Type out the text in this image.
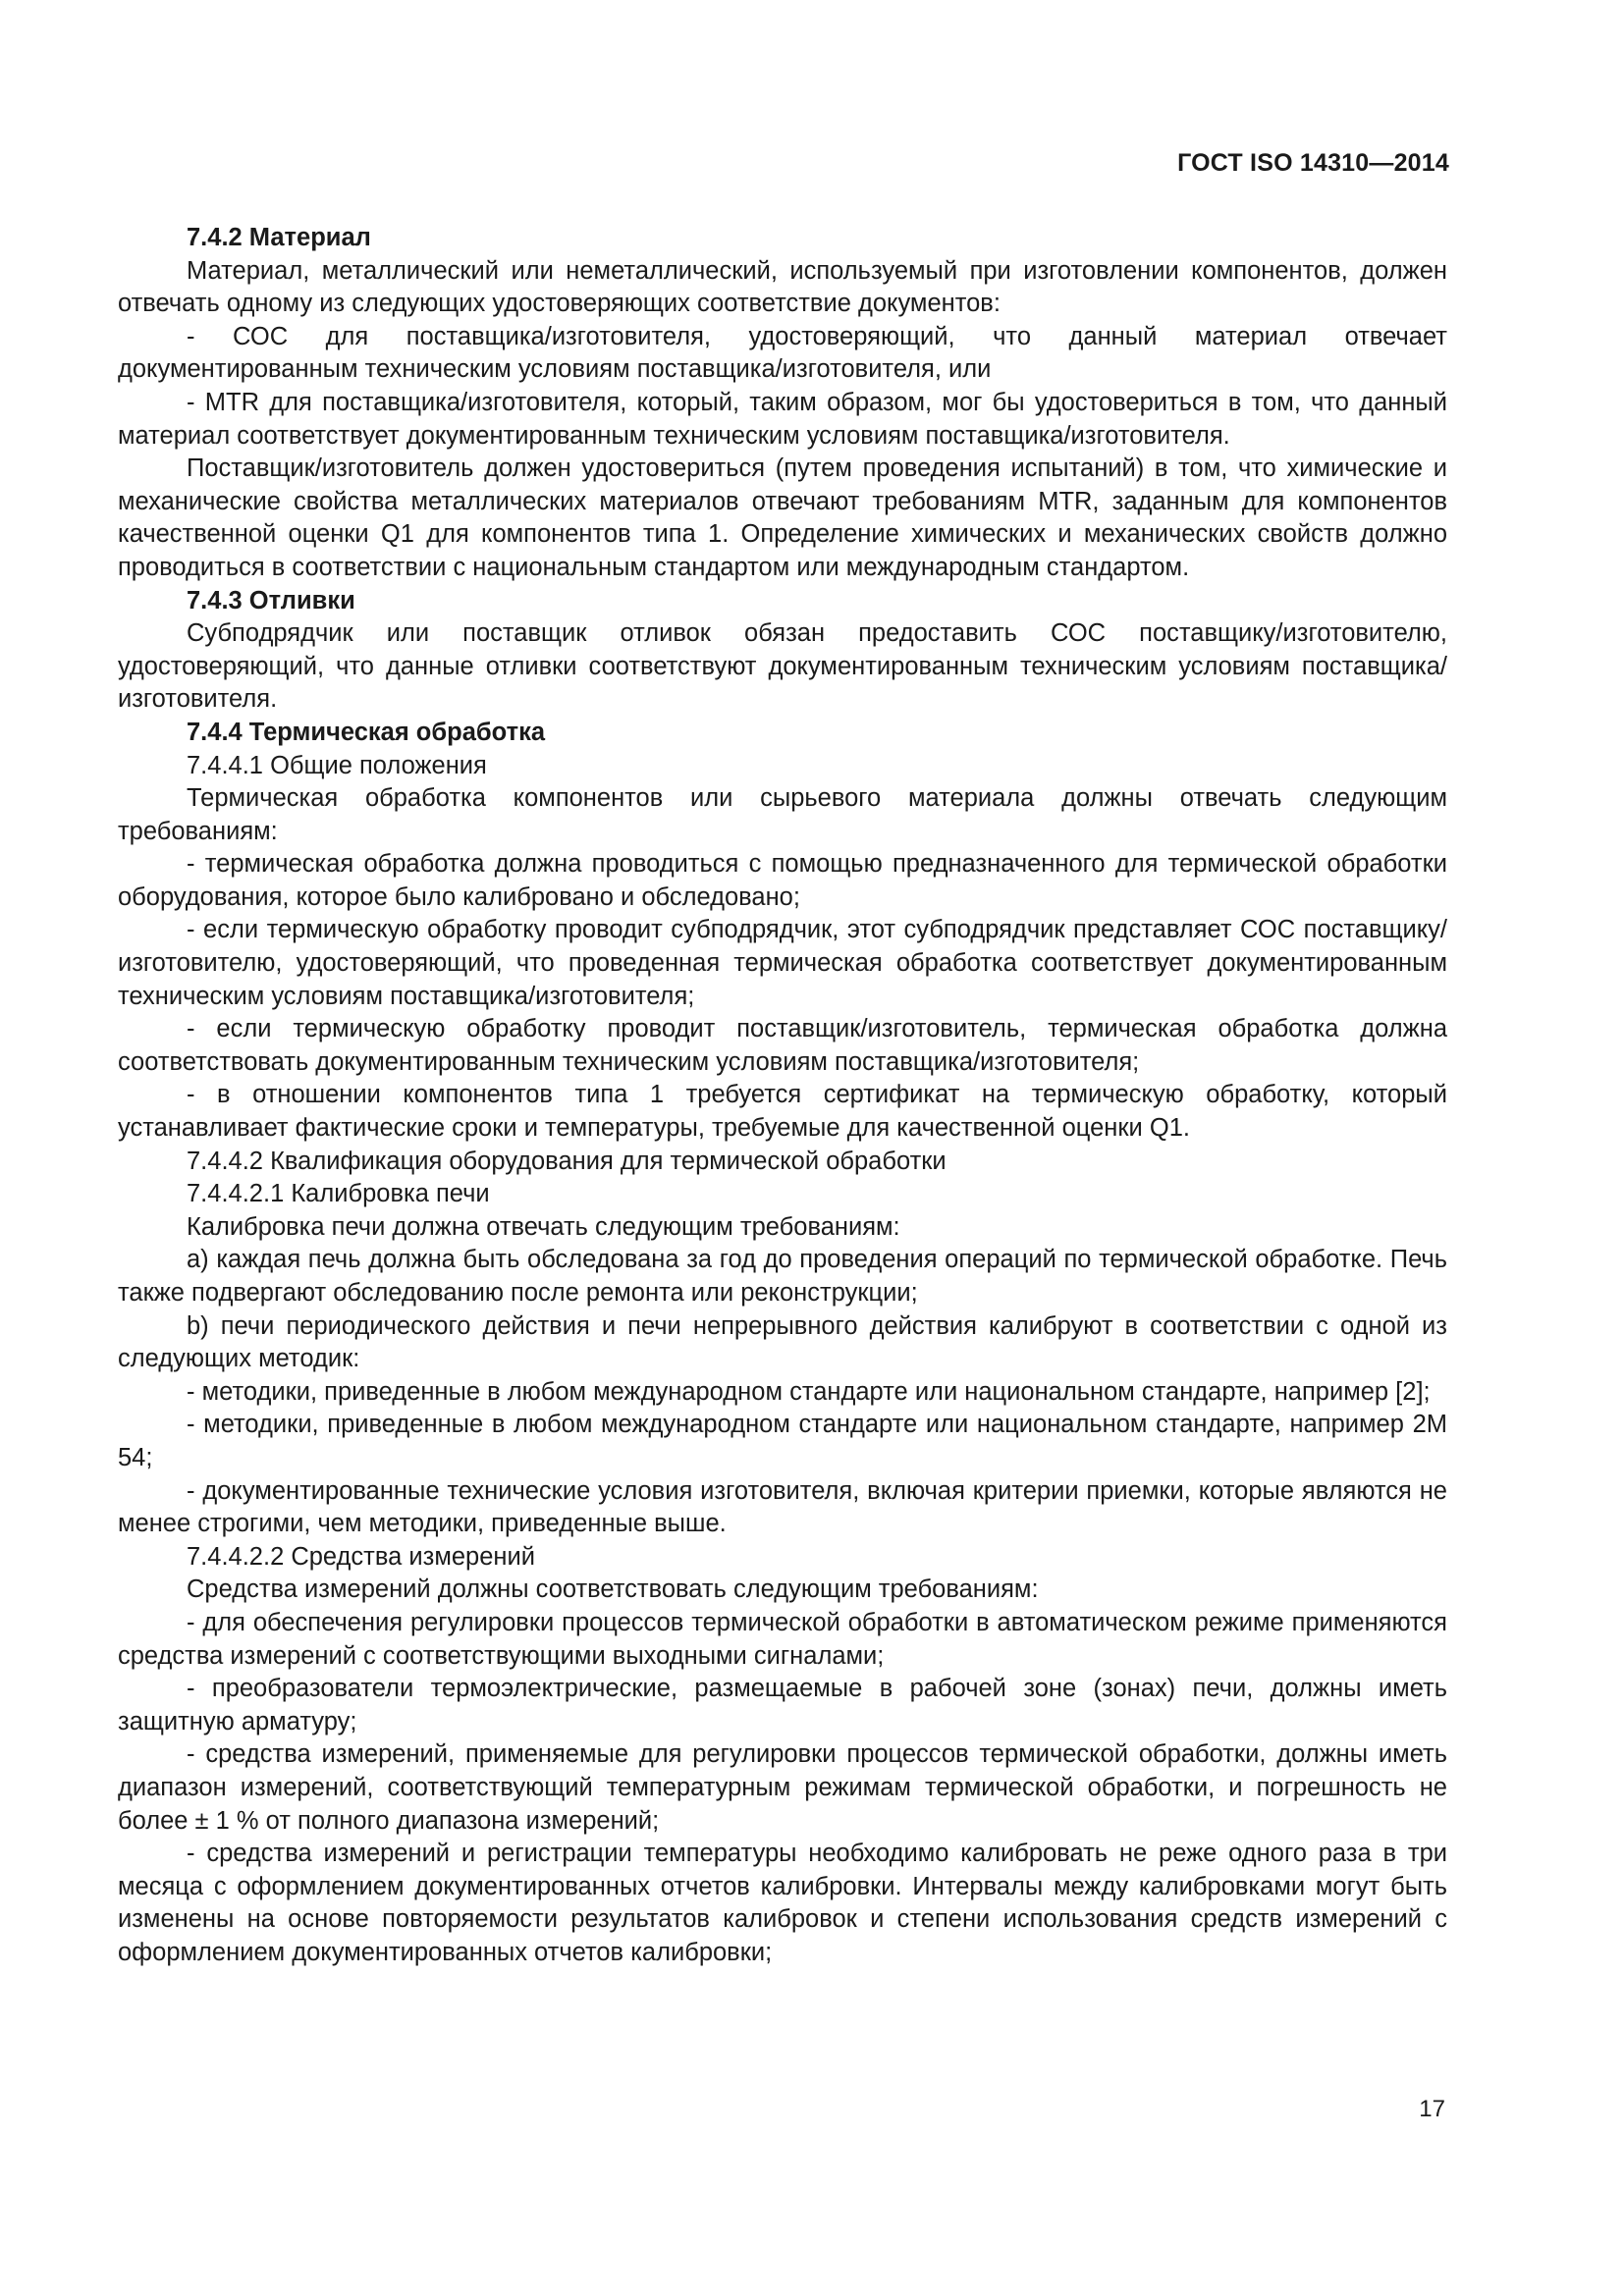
ГОСТ ISO 14310—2014

7.4.2 Материал

Материал, металлический или неметаллический, используемый при изготовлении компонентов, должен отвечать одному из следующих удостоверяющих соответствие документов:

- СОС для поставщика/изготовителя, удостоверяющий, что данный материал отвечает документированным техническим условиям поставщика/изготовителя, или

- MTR для поставщика/изготовителя, который, таким образом, мог бы удостовериться в том, что данный материал соответствует документированным техническим условиям поставщика/изготовителя.

Поставщик/изготовитель должен удостовериться (путем проведения испытаний) в том, что химические и механические свойства металлических материалов отвечают требованиям MTR, заданным для компонентов качественной оценки Q1 для компонентов типа 1. Определение химических и механических свойств должно проводиться в соответствии с национальным стандартом или международным стандартом.

7.4.3 Отливки

Субподрядчик или поставщик отливок обязан предоставить СОС поставщику/изготовителю, удостоверяющий, что данные отливки соответствуют документированным техническим условиям поставщика/изготовителя.

7.4.4 Термическая обработка

7.4.4.1 Общие положения

Термическая обработка компонентов или сырьевого материала должны отвечать следующим требованиям:

- термическая обработка должна проводиться с помощью предназначенного для термической обработки оборудования, которое было калибровано и обследовано;

- если термическую обработку проводит субподрядчик, этот субподрядчик представляет СОС поставщику/изготовителю, удостоверяющий, что проведенная термическая обработка соответствует документированным техническим условиям поставщика/изготовителя;

- если термическую обработку проводит поставщик/изготовитель, термическая обработка должна соответствовать документированным техническим условиям поставщика/изготовителя;

- в отношении компонентов типа 1 требуется сертификат на термическую обработку, который устанавливает фактические сроки и температуры, требуемые для качественной оценки Q1.

7.4.4.2 Квалификация оборудования для термической обработки

7.4.4.2.1 Калибровка печи

Калибровка печи должна отвечать следующим требованиям:

a) каждая печь должна быть обследована за год до проведения операций по термической обработке. Печь также подвергают обследованию после ремонта или реконструкции;

b) печи периодического действия и печи непрерывного действия калибруют в соответствии с одной из следующих методик:

- методики, приведенные в любом международном стандарте или национальном стандарте, например [2];

- методики, приведенные в любом международном стандарте или национальном стандарте, например 2М 54;

- документированные технические условия изготовителя, включая критерии приемки, которые являются не менее строгими, чем методики, приведенные выше.

7.4.4.2.2 Средства измерений

Средства измерений должны соответствовать следующим требованиям:

- для обеспечения регулировки процессов термической обработки в автоматическом режиме применяются средства измерений с соответствующими выходными сигналами;

- преобразователи термоэлектрические, размещаемые в рабочей зоне (зонах) печи, должны иметь защитную арматуру;

- средства измерений, применяемые для регулировки процессов термической обработки, должны иметь диапазон измерений, соответствующий температурным режимам термической обработки, и погрешность не более ± 1 % от полного диапазона измерений;

- средства измерений и регистрации температуры необходимо калибровать не реже одного раза в три месяца с оформлением документированных отчетов калибровки. Интервалы между калибровками могут быть изменены на основе повторяемости результатов калибровок и степени использования средств измерений с оформлением документированных отчетов калибровки;

17
